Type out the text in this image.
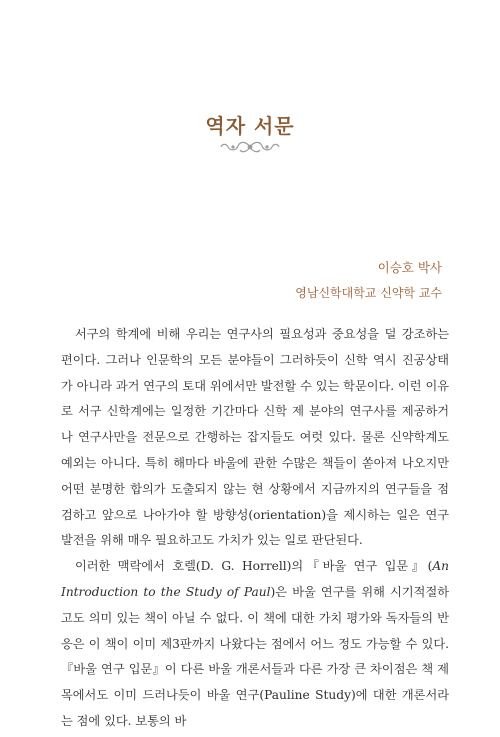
역자 서문
이승호 박사
영남신학대학교 신약학 교수

서구의 학계에 비해 우리는 연구사의 필요성과 중요성을 덜 강조하는 편이다. 그러나 인문학의 모든 분야들이 그러하듯이 신학 역시 진공상태가 아니라 과거 연구의 토대 위에서만 발전할 수 있는 학문이다. 이런 이유로 서구 신학계에는 일정한 기간마다 신학 제 분야의 연구사를 제공하거나 연구사만을 전문으로 간행하는 잡지들도 여럿 있다. 물론 신약학계도 예외는 아니다. 특히 해마다 바울에 관한 수많은 책들이 쏟아져 나오지만 어떤 분명한 합의가 도출되지 않는 현 상황에서 지금까지의 연구들을 점검하고 앞으로 나아가야 할 방향성(orientation)을 제시하는 일은 연구 발전을 위해 매우 필요하고도 가치가 있는 일로 판단된다.

이러한 맥락에서 호렐(D. G. Horrell)의『바울 연구 입문』(An Introduction to the Study of Paul)은 바울 연구를 위해 시기적절하고도 의미 있는 책이 아닐 수 없다. 이 책에 대한 가치 평가와 독자들의 반응은 이 책이 이미 제3판까지 나왔다는 점에서 어느 정도 가능할 수 있다.『바울 연구 입문』이 다른 바울 개론서들과 다른 가장 큰 차이점은 책 제목에서도 이미 드러나듯이 바울 연구(Pauline Study)에 대한 개론서라는 점에 있다. 보통의 바
